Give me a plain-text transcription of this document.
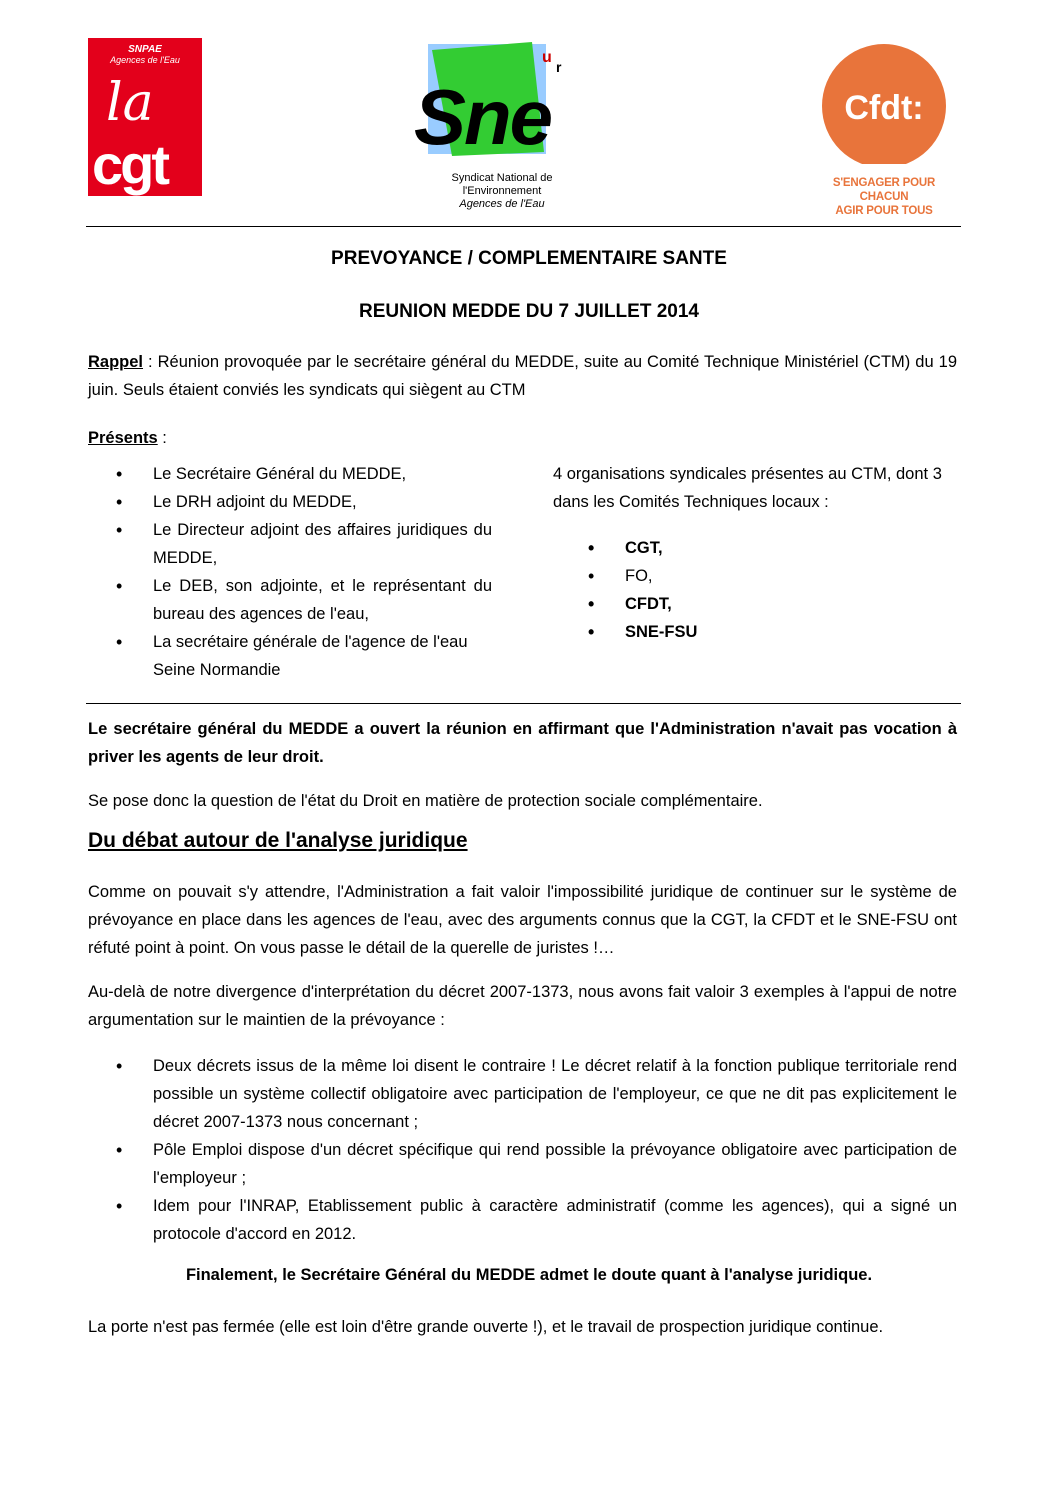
SNPAE
Agences de l'Eau
la
cgt
u
r
Sne
Syndicat National de l'Environnement
Agences de l'Eau
Cfdt:
S'ENGAGER POUR CHACUN
AGIR POUR TOUS
PREVOYANCE / COMPLEMENTAIRE SANTE
REUNION MEDDE DU 7 JUILLET 2014
Rappel : Réunion provoquée par le secrétaire général du MEDDE, suite au Comité Technique Ministériel (CTM) du 19 juin. Seuls étaient conviés les syndicats qui siègent au CTM
Présents :
• Le Secrétaire Général du MEDDE,
• Le DRH adjoint du MEDDE,
• Le Directeur adjoint des affaires juridiques du MEDDE,
• Le DEB, son adjointe, et le représentant du bureau des agences de l'eau,
• La secrétaire générale de l'agence de l'eau Seine Normandie
4 organisations syndicales présentes au CTM, dont 3 dans les Comités Techniques locaux :
• CGT,
• FO,
• CFDT,
• SNE-FSU
Le secrétaire général du MEDDE a ouvert la réunion en affirmant que l'Administration n'avait pas vocation à priver les agents de leur droit.
Se pose donc la question de l'état du Droit en matière de protection sociale complémentaire.
Du débat autour de l'analyse juridique
Comme on pouvait s'y attendre, l'Administration a fait valoir l'impossibilité juridique de continuer sur le système de prévoyance en place dans les agences de l'eau, avec des arguments connus que la CGT, la CFDT et le SNE-FSU ont réfuté point à point. On vous passe le détail de la querelle de juristes !…
Au-delà de notre divergence d'interprétation du décret 2007-1373, nous avons fait valoir 3 exemples à l'appui de notre argumentation sur le maintien de la prévoyance :
• Deux décrets issus de la même loi disent le contraire ! Le décret relatif à la fonction publique territoriale rend possible un système collectif obligatoire avec participation de l'employeur, ce que ne dit pas explicitement le décret 2007-1373 nous concernant ;
• Pôle Emploi dispose d'un décret spécifique qui rend possible la prévoyance obligatoire avec participation de l'employeur ;
• Idem pour l'INRAP, Etablissement public à caractère administratif (comme les agences), qui a signé un protocole d'accord en 2012.
Finalement, le Secrétaire Général du MEDDE admet le doute quant à l'analyse juridique.
La porte n'est pas fermée (elle est loin d'être grande ouverte !), et le travail de prospection juridique continue.
